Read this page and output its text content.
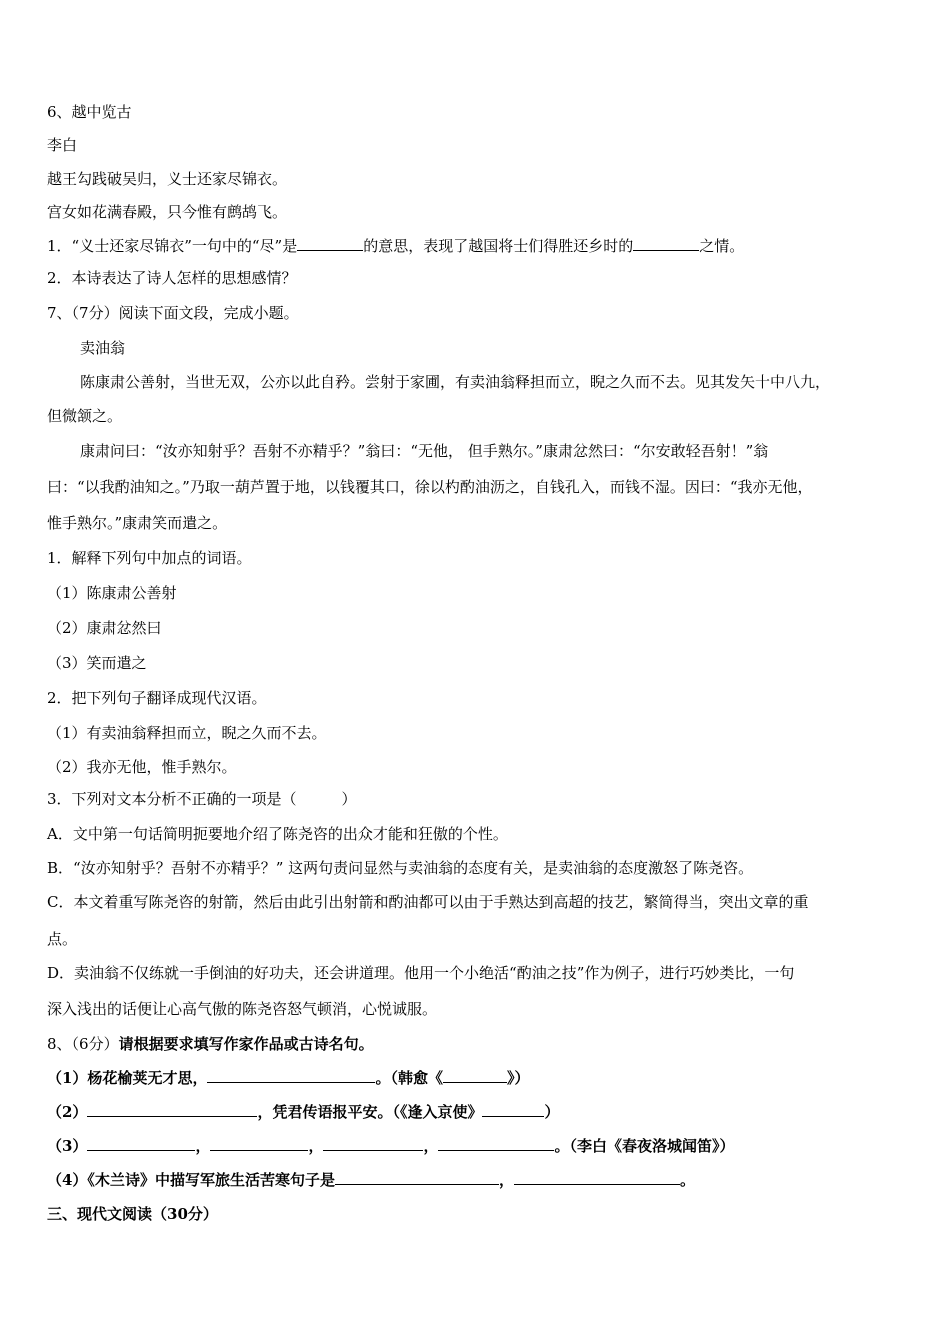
6、越中览古
李白
越王勾践破吴归，义士还家尽锦衣。
宫女如花满春殿，只今惟有鹧鸪飞。
1．“义士还家尽锦衣”一句中的“尽”是	的意思，表现了越国将士们得胜还乡时的	之情。
2．本诗表达了诗人怎样的思想感情？
7、（7分）阅读下面文段，完成小题。
卖油翁
陈康肃公善射，当世无双，公亦以此自矜。尝射于家圃，有卖油翁释担而立，睨之久而不去。见其发矢十中八九，
但微颔之。
康肃问曰：“汝亦知射乎？吾射不亦精乎？”翁曰：“无他， 但手熟尔。”康肃忿然曰：“尔安敢轻吾射！”翁
曰：“以我酌油知之。”乃取一葫芦置于地，以钱覆其口，徐以杓酌油沥之，自钱孔入，而钱不湿。因曰：“我亦无他，
惟手熟尔。”康肃笑而遣之。
1．解释下列句中加点的词语。
（1）陈康肃公善射
（2）康肃忿然曰
（3）笑而遣之
2．把下列句子翻译成现代汉语。
（1）有卖油翁释担而立，睨之久而不去。
（2）我亦无他，惟手熟尔。
3．下列对文本分析不正确的一项是（　　　）
A．文中第一句话简明扼要地介绍了陈尧咨的出众才能和狂傲的个性。
B．“汝亦知射乎？吾射不亦精乎？” 这两句责问显然与卖油翁的态度有关，是卖油翁的态度激怒了陈尧咨。
C．本文着重写陈尧咨的射箭，然后由此引出射箭和酌油都可以由于手熟达到高超的技艺，繁简得当，突出文章的重
点。
D．卖油翁不仅练就一手倒油的好功夫，还会讲道理。他用一个小绝活“酌油之技”作为例子，进行巧妙类比，一句
深入浅出的话便让心高气傲的陈尧咨怒气顿消，心悦诚服。
8、（6分）请根据要求填写作家作品或古诗名句。
（1）杨花榆荚无才思，	。（韩愈《	》）
（2）	，凭君传语报平安。（《逢入京使》	）
（3）	，	，	，	。（李白《春夜洛城闻笛》）
（4）《木兰诗》中描写军旅生活苦寒句子是	，	。
三、现代文阅读（30分）
